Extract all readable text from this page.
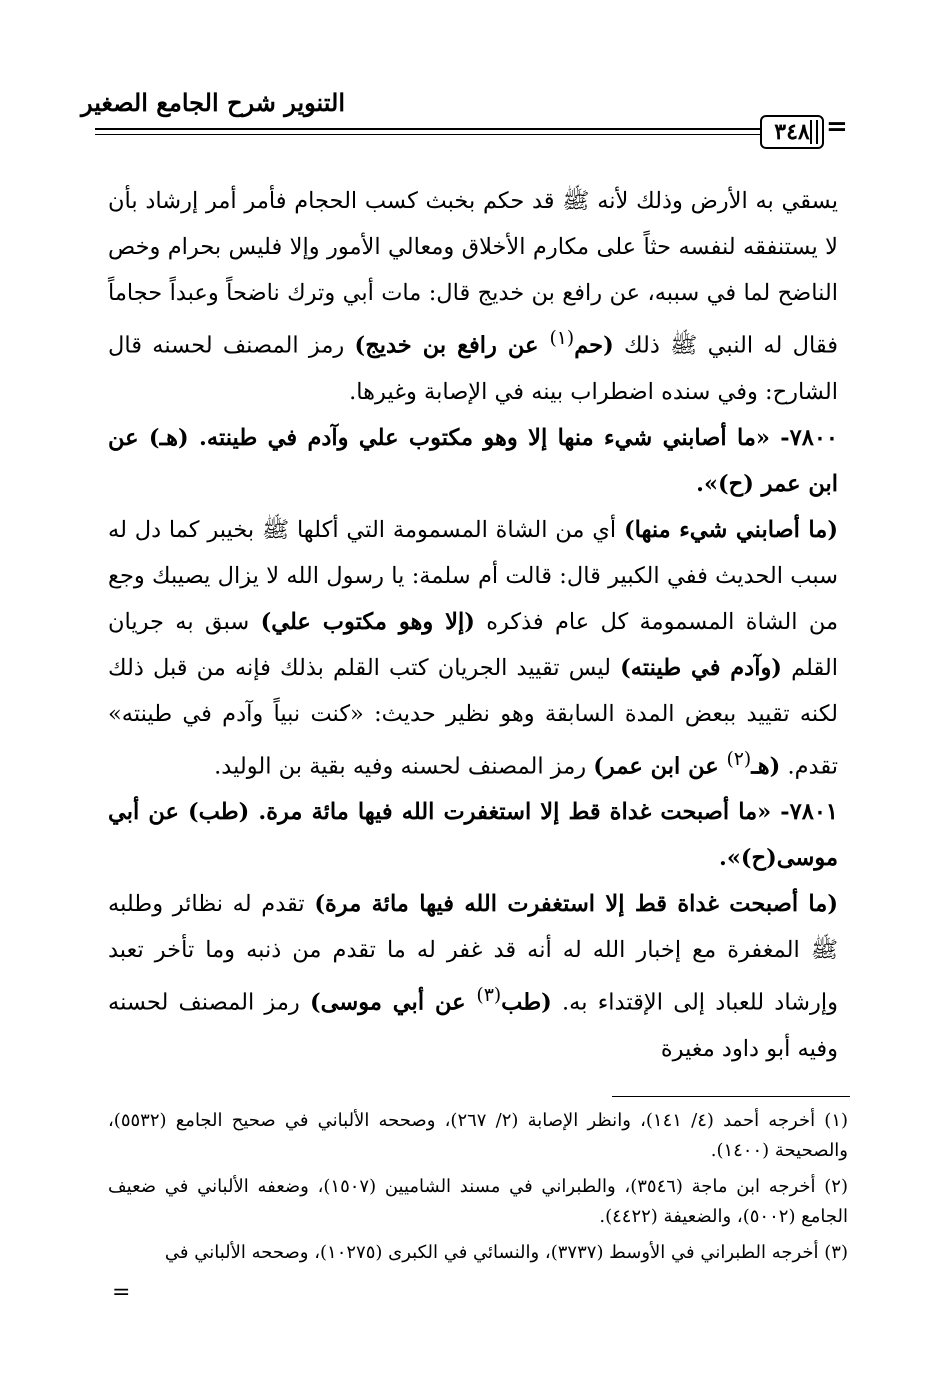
التنوير شرح الجامع الصغير
٣٤٨ =

يسقي به الأرض وذلك لأنه ﷺ قد حكم بخبث كسب الحجام فأمر أمر إرشاد بأن لا يستنفقه لنفسه حثاً على مكارم الأخلاق ومعالي الأمور وإلا فليس بحرام وخص الناضح لما في سببه، عن رافع بن خديج قال: مات أبي وترك ناضحاً وعبداً حجاماً فقال له النبي ﷺ ذلك (حم$^{(١)}$ عن رافع بن خديج) رمز المصنف لحسنه قال الشارح: وفي سنده اضطراب بينه في الإصابة وغيرها.

٧٨٠٠- «ما أصابني شيء منها إلا وهو مكتوب علي وآدم في طينته. (هـ) عن ابن عمر (ح)».

(ما أصابني شيء منها) أي من الشاة المسمومة التي أكلها ﷺ بخيبر كما دل له سبب الحديث ففي الكبير قال: قالت أم سلمة: يا رسول الله لا يزال يصيبك وجع من الشاة المسمومة كل عام فذكره (إلا وهو مكتوب علي) سبق به جريان القلم (وآدم في طينته) ليس تقييد الجريان كتب القلم بذلك فإنه من قبل ذلك لكنه تقييد ببعض المدة السابقة وهو نظير حديث: «كنت نبياً وآدم في طينته» تقدم. (هـ$^{(٢)}$ عن ابن عمر) رمز المصنف لحسنه وفيه بقية بن الوليد.

٧٨٠١- «ما أصبحت غداة قط إلا استغفرت الله فيها مائة مرة. (طب) عن أبي موسى(ح)».

(ما أصبحت غداة قط إلا استغفرت الله فيها مائة مرة) تقدم له نظائر وطلبه ﷺ المغفرة مع إخبار الله له أنه قد غفر له ما تقدم من ذنبه وما تأخر تعبد وإرشاد للعباد إلى الإقتداء به. (طب$^{(٣)}$ عن أبي موسى) رمز المصنف لحسنه وفيه أبو داود مغيرة

(١) أخرجه أحمد (٤/ ١٤١)، وانظر الإصابة (٢/ ٢٦٧)، وصححه الألباني في صحيح الجامع (٥٥٣٢)، والصحيحة (١٤٠٠).

(٢) أخرجه ابن ماجة (٣٥٤٦)، والطبراني في مسند الشاميين (١٥٠٧)، وضعفه الألباني في ضعيف الجامع (٥٠٠٢)، والضعيفة (٤٤٢٢).

(٣) أخرجه الطبراني في الأوسط (٣٧٣٧)، والنسائي في الكبرى (١٠٢٧٥)، وصححه الألباني في

=
